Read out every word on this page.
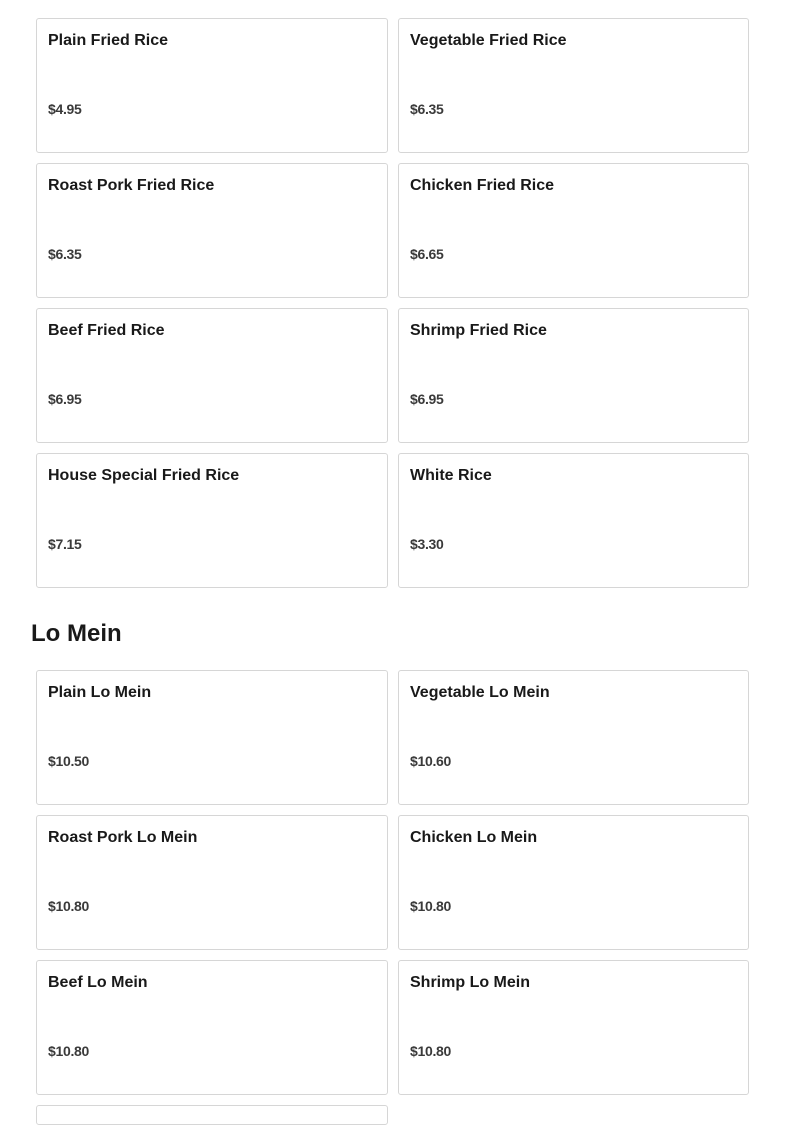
Plain Fried Rice
$4.95
Vegetable Fried Rice
$6.35
Roast Pork Fried Rice
$6.35
Chicken Fried Rice
$6.65
Beef Fried Rice
$6.95
Shrimp Fried Rice
$6.95
House Special Fried Rice
$7.15
White Rice
$3.30
Lo Mein
Plain Lo Mein
$10.50
Vegetable Lo Mein
$10.60
Roast Pork Lo Mein
$10.80
Chicken Lo Mein
$10.80
Beef Lo Mein
$10.80
Shrimp Lo Mein
$10.80
